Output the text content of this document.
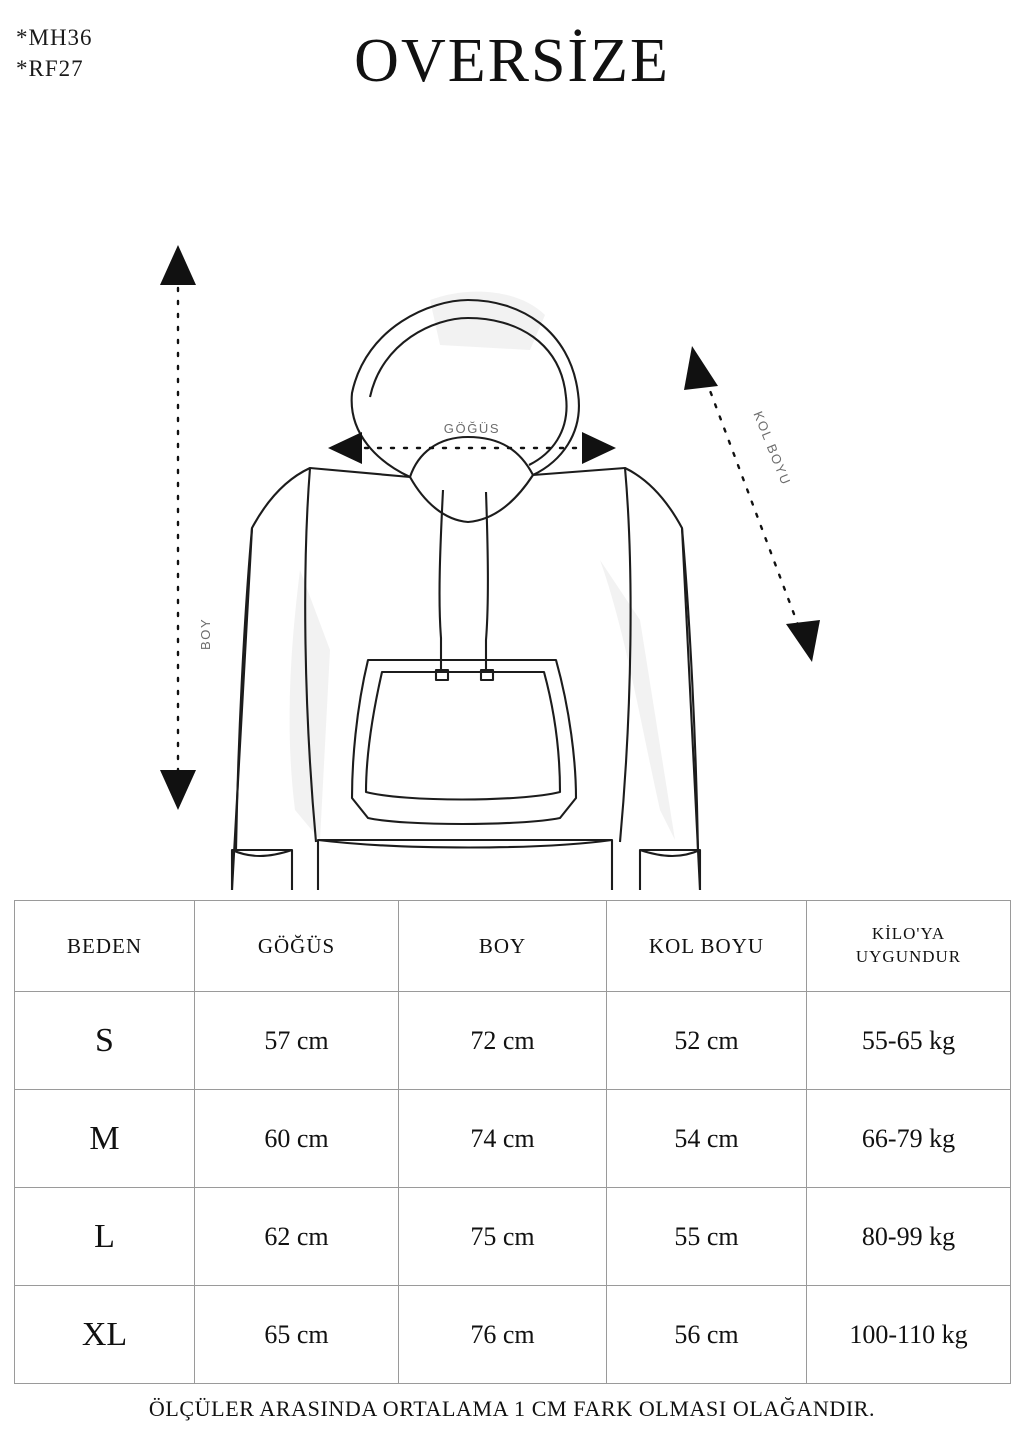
*MH36
*RF27	OVERSİZE
BOY
GÖĞÜS	KOL BOYU
BEDEN	GÖĞÜS	BOY	KOL BOYU	KİLO'YA
UYGUNDUR

S	57 cm	72 cm	52 cm	55-65 kg
M	60 cm	74 cm	54 cm	66-79 kg
L	62 cm	75 cm	55 cm	80-99 kg
XL	65 cm	76 cm	56 cm	100-110 kg
ÖLÇÜLER ARASINDA ORTALAMA 1 CM FARK OLMASI OLAĞANDIR.
